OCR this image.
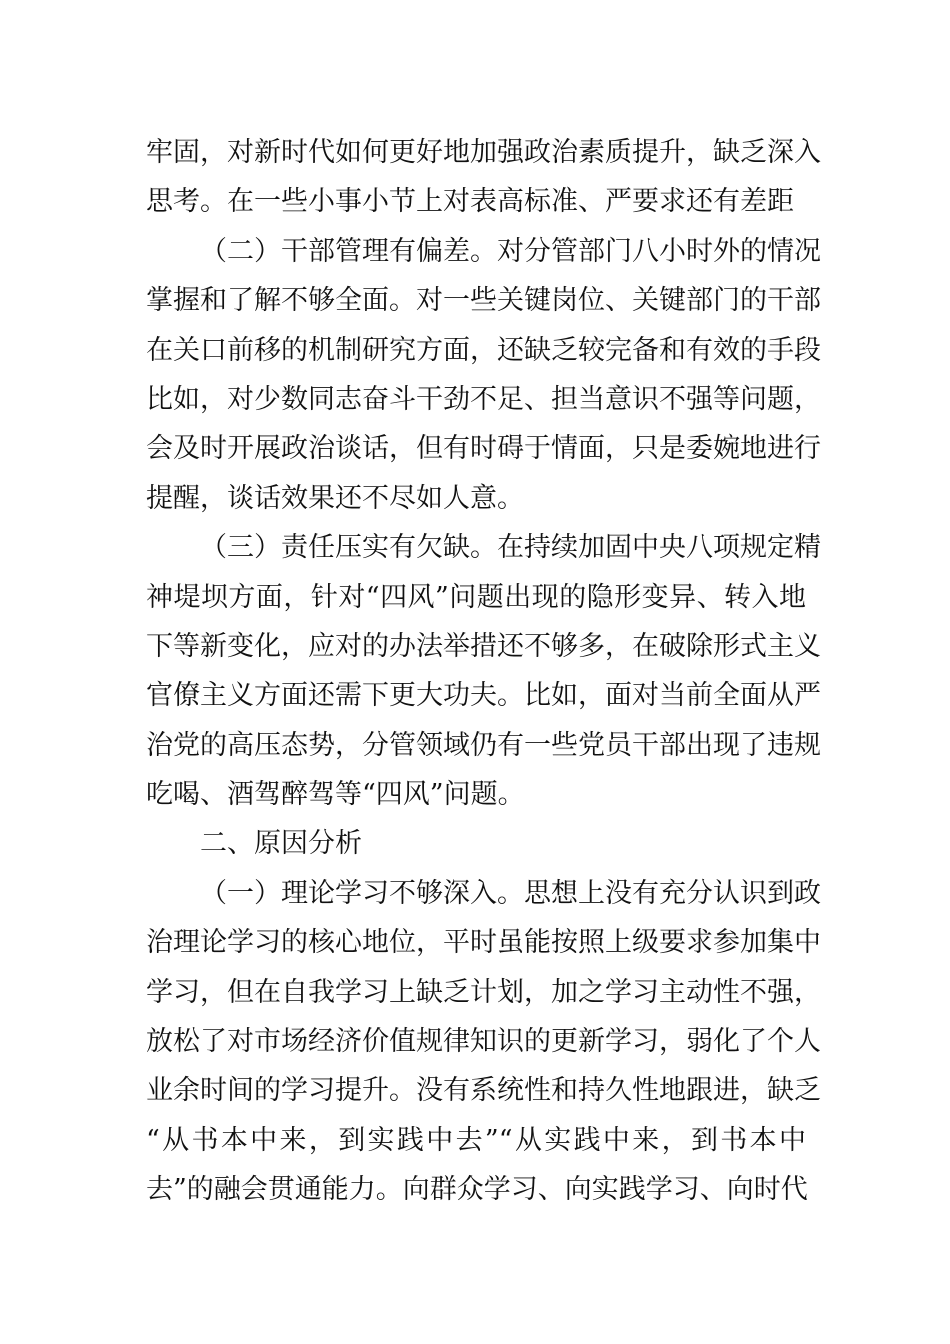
牢固，对新时代如何更好地加强政治素质提升，缺乏深入
思考。在一些小事小节上对表高标准、严要求还有差距
（二）干部管理有偏差。对分管部门八小时外的情况
掌握和了解不够全面。对一些关键岗位、关键部门的干部
在关口前移的机制研究方面，还缺乏较完备和有效的手段
比如，对少数同志奋斗干劲不足、担当意识不强等问题，
会及时开展政治谈话，但有时碍于情面，只是委婉地进行
提醒，谈话效果还不尽如人意。
（三）责任压实有欠缺。在持续加固中央八项规定精
神堤坝方面，针对“四风”问题出现的隐形变异、转入地
下等新变化，应对的办法举措还不够多，在破除形式主义
官僚主义方面还需下更大功夫。比如，面对当前全面从严
治党的高压态势，分管领域仍有一些党员干部出现了违规
吃喝、酒驾醉驾等“四风”问题。
二、原因分析
（一）理论学习不够深入。思想上没有充分认识到政
治理论学习的核心地位，平时虽能按照上级要求参加集中
学习，但在自我学习上缺乏计划，加之学习主动性不强，
放松了对市场经济价值规律知识的更新学习，弱化了个人
业余时间的学习提升。没有系统性和持久性地跟进，缺乏
“从书本中来，到实践中去”“从实践中来，到书本中
去”的融会贯通能力。向群众学习、向实践学习、向时代
